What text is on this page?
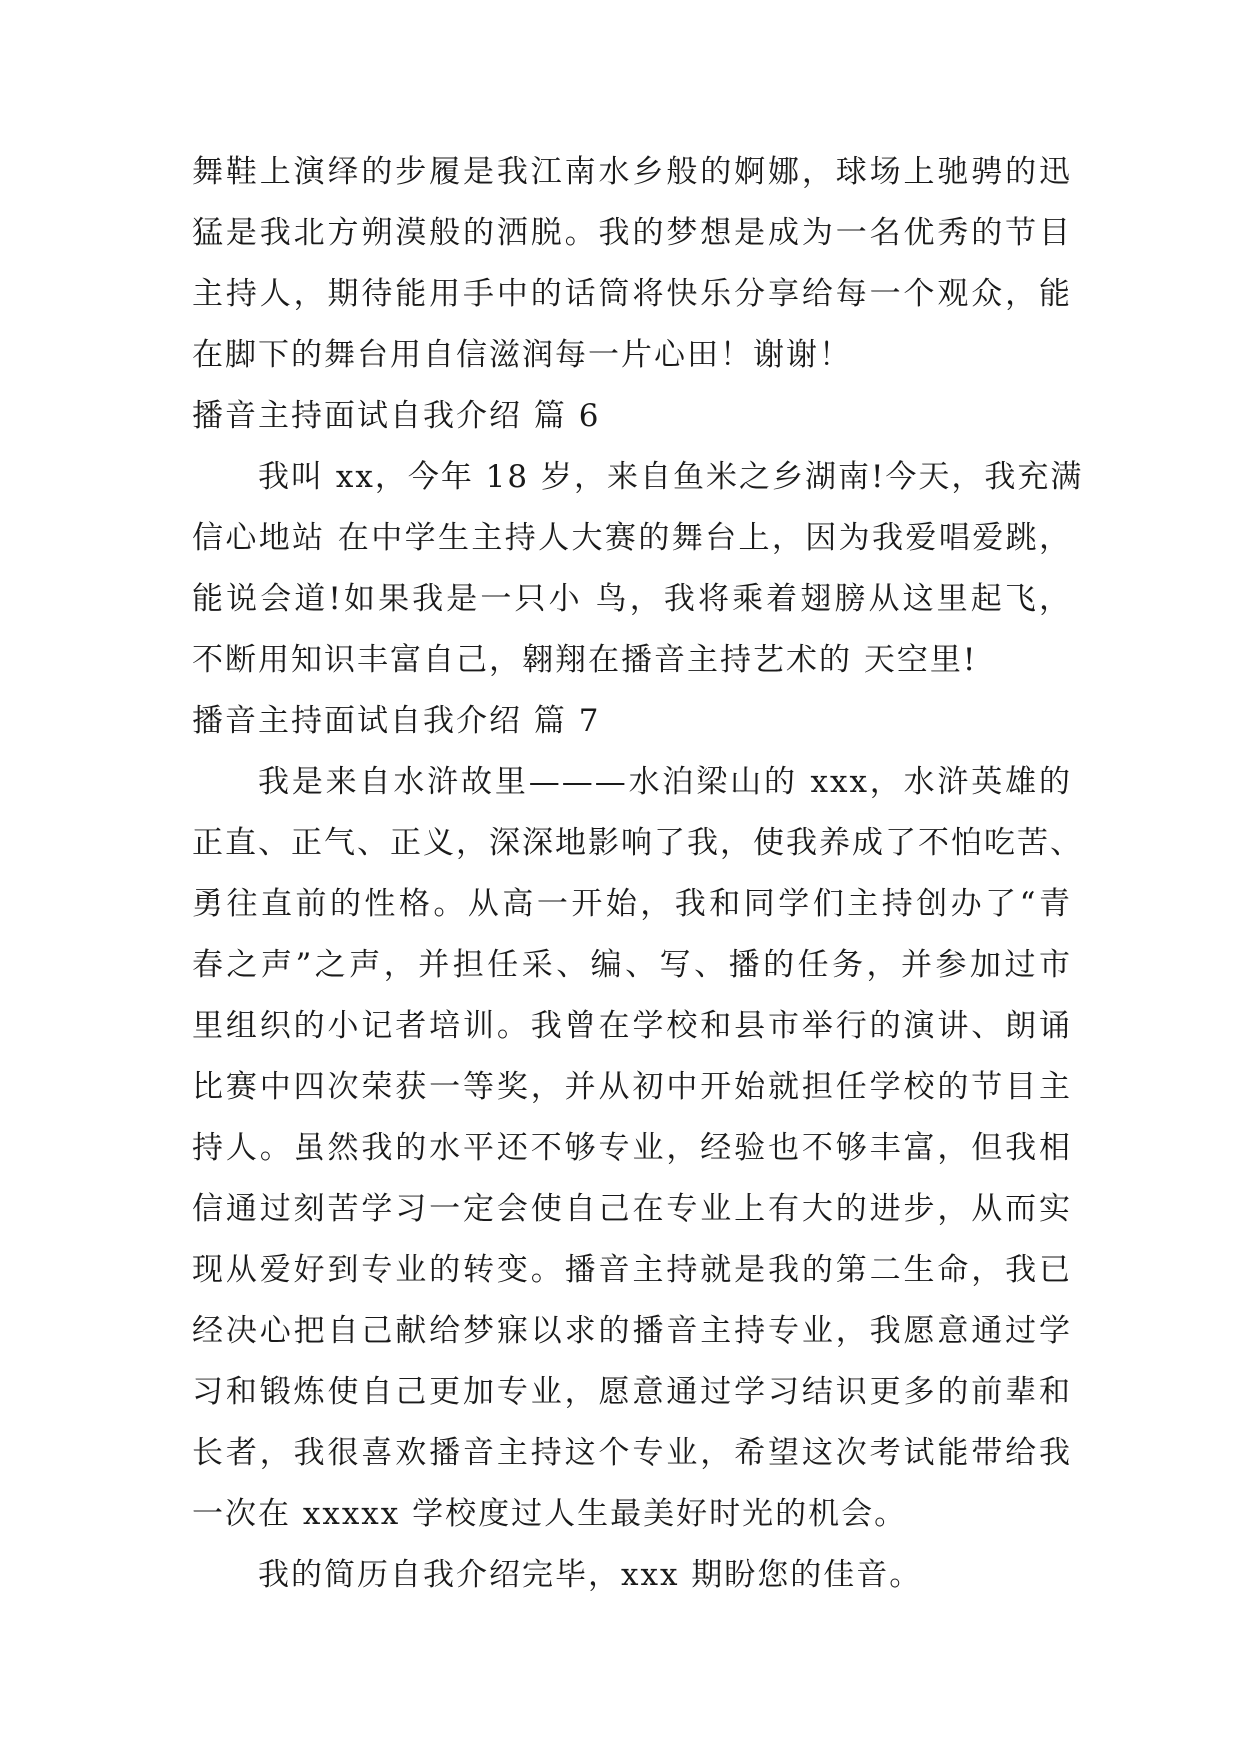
舞鞋上演绎的步履是我江南水乡般的婀娜，球场上驰骋的迅
猛是我北方朔漠般的洒脱。我的梦想是成为一名优秀的节目
主持人，期待能用手中的话筒将快乐分享给每一个观众，能
在脚下的舞台用自信滋润每一片心田！谢谢！
播音主持面试自我介绍 篇 6
我叫 xx，今年 18 岁，来自鱼米之乡湖南!今天，我充满
信心地站 在中学生主持人大赛的舞台上，因为我爱唱爱跳，
能说会道!如果我是一只小 鸟，我将乘着翅膀从这里起飞，
不断用知识丰富自己，翱翔在播音主持艺术的 天空里!
播音主持面试自我介绍 篇 7
我是来自水浒故里———水泊梁山的 xxx，水浒英雄的
正直、正气、正义，深深地影响了我，使我养成了不怕吃苦、
勇往直前的性格。从高一开始，我和同学们主持创办了“青
春之声”之声，并担任采、编、写、播的任务，并参加过市
里组织的小记者培训。我曾在学校和县市举行的演讲、朗诵
比赛中四次荣获一等奖，并从初中开始就担任学校的节目主
持人。虽然我的水平还不够专业，经验也不够丰富，但我相
信通过刻苦学习一定会使自己在专业上有大的进步，从而实
现从爱好到专业的转变。播音主持就是我的第二生命，我已
经决心把自己献给梦寐以求的播音主持专业，我愿意通过学
习和锻炼使自己更加专业，愿意通过学习结识更多的前辈和
长者，我很喜欢播音主持这个专业，希望这次考试能带给我
一次在 xxxxx 学校度过人生最美好时光的机会。
我的简历自我介绍完毕，xxx 期盼您的佳音。
